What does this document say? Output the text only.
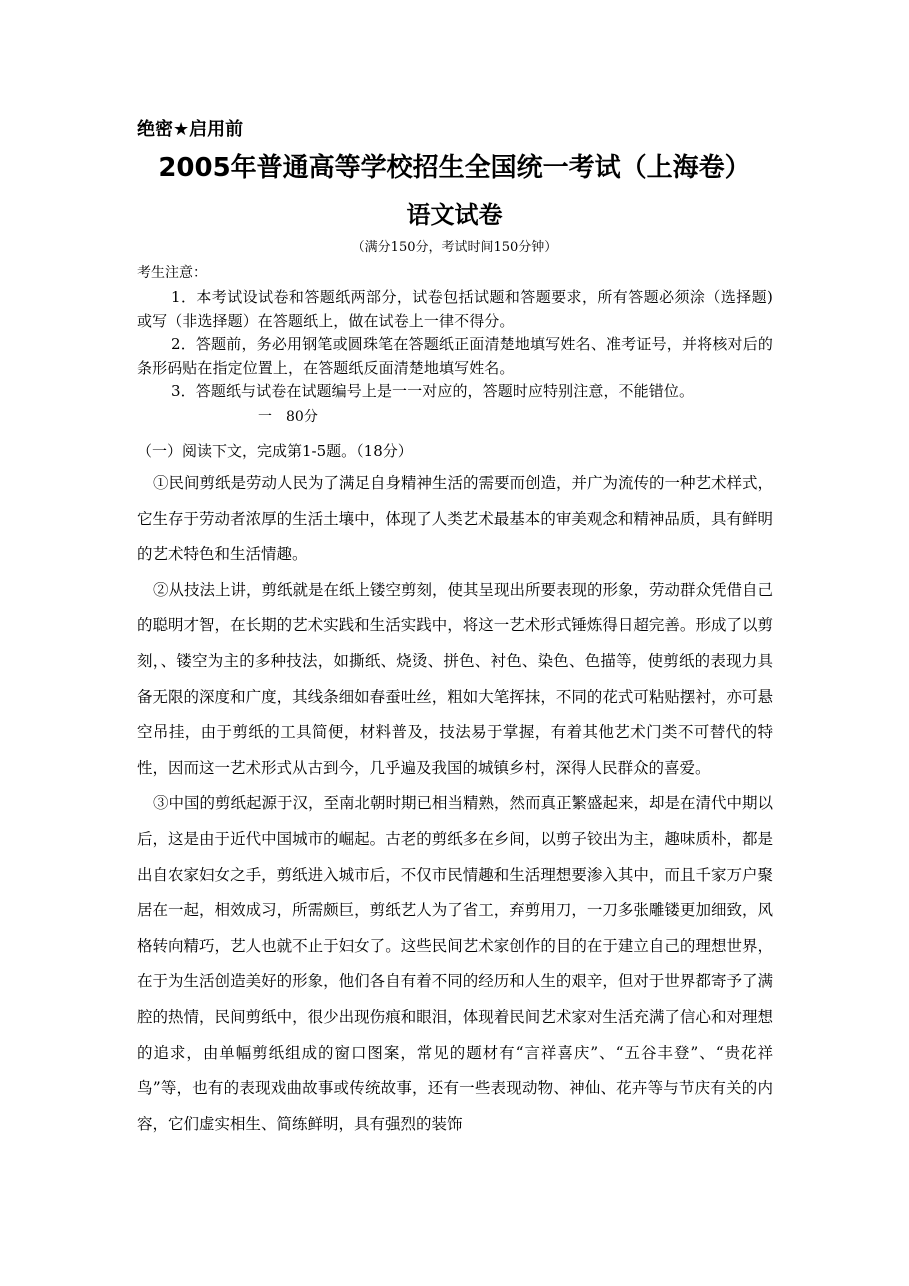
绝密★启用前
2005年普通高等学校招生全国统一考试（上海卷）
语文试卷
（满分150分，考试时间150分钟）
考生注意：
1．本考试设试卷和答题纸两部分，试卷包括试题和答题要求，所有答题必须涂（选择题)或写（非选择题）在答题纸上，做在试卷上一律不得分。
2．答题前，务必用钢笔或圆珠笔在答题纸正面清楚地填写姓名、准考证号，并将核对后的条形码贴在指定位置上，在答题纸反面清楚地填写姓名。
3．答题纸与试卷在试题编号上是一一对应的，答题时应特别注意，不能错位。
一　80分
（一）阅读下文，完成第1-5题。（18分）

①民间剪纸是劳动人民为了满足自身精神生活的需要而创造，并广为流传的一种艺术样式，它生存于劳动者浓厚的生活土壤中，体现了人类艺术最基本的审美观念和精神品质，具有鲜明的艺术特色和生活情趣。

②从技法上讲，剪纸就是在纸上镂空剪刻，使其呈现出所要表现的形象，劳动群众凭借自己的聪明才智，在长期的艺术实践和生活实践中，将这一艺术形式锤炼得日超完善。形成了以剪刻，、镂空为主的多种技法，如撕纸、烧烫、拼色、衬色、染色、色描等，使剪纸的表现力具备无限的深度和广度，其线条细如春蚕吐丝，粗如大笔挥抹，不同的花式可粘贴摆衬，亦可悬空吊挂，由于剪纸的工具简便，材料普及，技法易于掌握，有着其他艺术门类不可替代的特性，因而这一艺术形式从古到今，几乎遍及我国的城镇乡村，深得人民群众的喜爱。

③中国的剪纸起源于汉，至南北朝时期已相当精熟，然而真正繁盛起来，却是在清代中期以后，这是由于近代中国城市的崛起。古老的剪纸多在乡间，以剪子铰出为主，趣味质朴，都是出自农家妇女之手，剪纸进入城市后，不仅市民情趣和生活理想要渗入其中，而且千家万户聚居在一起，相效成习，所需颇巨，剪纸艺人为了省工，弃剪用刀，一刀多张雕镂更加细致，风格转向精巧，艺人也就不止于妇女了。这些民间艺术家创作的目的在于建立自己的理想世界，在于为生活创造美好的形象，他们各自有着不同的经历和人生的艰辛，但对于世界都寄予了满腔的热情，民间剪纸中，很少出现伤痕和眼泪，体现着民间艺术家对生活充满了信心和对理想的追求，由单幅剪纸组成的窗口图案，常见的题材有“言祥喜庆”、“五谷丰登”、“贵花祥鸟”等，也有的表现戏曲故事或传统故事，还有一些表现动物、神仙、花卉等与节庆有关的内容，它们虚实相生、简练鲜明，具有强烈的装饰
